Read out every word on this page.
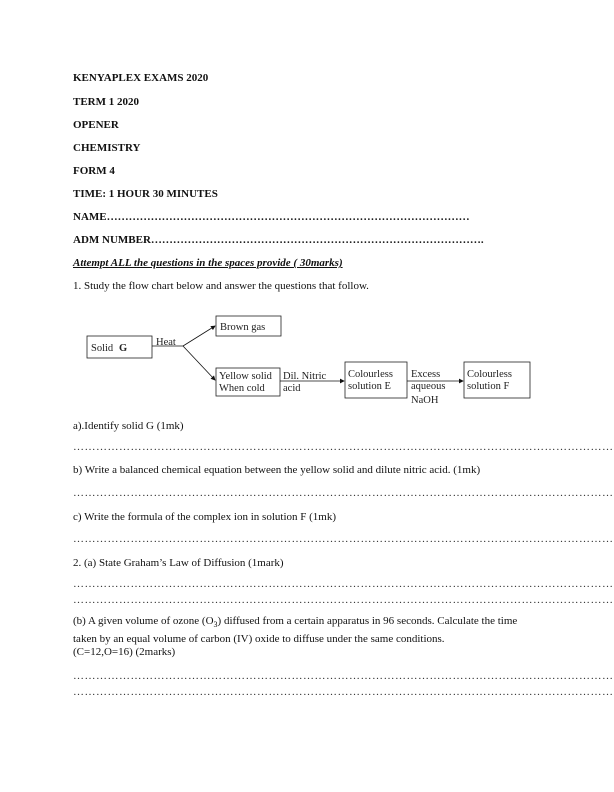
KENYAPLEX EXAMS 2020

TERM 1 2020

OPENER

CHEMISTRY

FORM 4

TIME: 1 HOUR 30 MINUTES

NAME………………………………………………………………………………………

ADM NUMBER……………………………………………………………………………….

Attempt ALL the questions in the spaces provide ( 30marks)
1. Study the flow chart below and answer the questions that follow.
Solid G
Heat
Brown gas
Yellow solid
When cold
Dil. Nitric
acid
Colourless
solution E
Excess
aqueous
NaOH
Colourless
solution F
a).Identify solid G (1mk)
……………………………………………………………………………………………………………………………
b) Write a balanced chemical equation between the yellow solid and dilute nitric acid. (1mk)
……………………………………………………………………………………………………………………………
c) Write the formula of the complex ion in solution F (1mk)
……………………………………………………………………………………………………………………………
2. (a) State Graham’s Law of Diffusion (1mark)
……………………………………………………………………………………………………………………………
……………………………………………………………………………………………………………………………
(b) A given volume of ozone $(O_3)$ diffused from a certain apparatus in 96 seconds. Calculate the time taken by an equal volume of carbon (IV) oxide to diffuse under the same conditions.
(C=12,O=16) (2marks)
……………………………………………………………………………………………………………………………
……………………………………………………………………………………………………………………………
